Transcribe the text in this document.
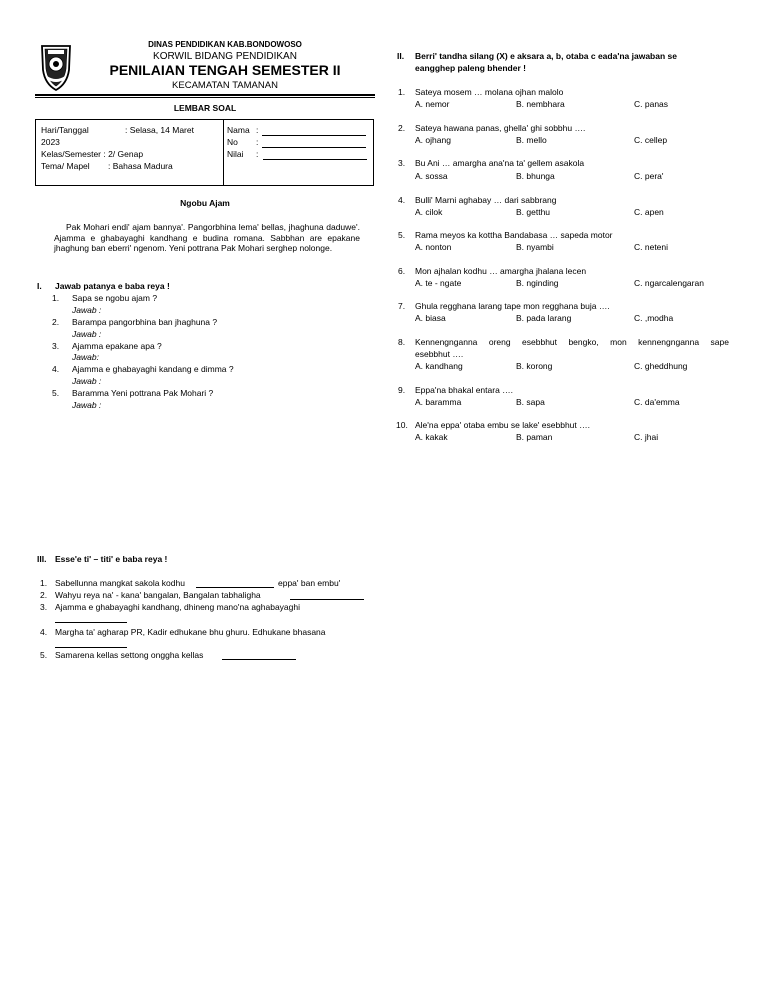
DINAS PENDIDIKAN KAB.BONDOWOSO
KORWIL BIDANG PENDIDIKAN
PENILAIAN TENGAH SEMESTER II
KECAMATAN TAMANAN
LEMBAR SOAL
Hari/Tanggal	: Selasa, 14 Maret
2023
Kelas/Semester : 2/ Genap
Tema/ Mapel : Bahasa Madura
Nama :
No :
Nilai :
Ngobu Ajam
Pak Mohari endi' ajam bannya'. Pangorbhina lema' bellas, jhaghuna daduwe'. Ajamma e ghabayaghi kandhang e budina romana. Sabbhan are epakane jhaghung ban eberri' ngenom. Yeni pottrana Pak Mohari serghep nolonge.
I. Jawab patanya e baba reya !
1. Sapa se ngobu ajam ?
Jawab :
2. Barampa pangorbhina ban jhaghuna ?
Jawab :
3. Ajamma epakane apa ?
Jawab:
4. Ajamma e ghabayaghi kandang e dimma ?
Jawab :
5. Baramma Yeni pottrana Pak Mohari ?
Jawab :
II. Berri' tandha silang (X) e aksara a, b, otaba c eada'na jawaban se
eangghep paleng bhender !
1. Sateya mosem … molana ojhan malolo
A. nemor	B. nembhara	C. panas
2. Sateya hawana panas, ghella' ghi sobbhu ….
A. ojhang	B. mello	C. cellep
3. Bu Ani … amargha ana'na ta' gellem asakola
A. sossa	B. bhunga	C. pera'
4. Bulli' Marni aghabay … dari sabbrang
A. cilok	B. getthu	C. apen
5. Rama meyos ka kottha Bandabasa … sapeda motor
A. nonton	B. nyambi	C. neteni
6. Mon ajhalan kodhu … amargha jhalana lecen
A. te - ngate	B. nginding	C. ngarcalengaran
7. Ghula regghana larang tape mon regghana buja ….
A. biasa	B. pada larang	C. ,modha
8. Kennengnganna oreng esebbhut bengko, mon kennengnganna sape
esebbhut ….
A. kandhang	B. korong	C. gheddhung
9. Eppa'na bhakal entara ….
A. baramma	B. sapa	C. da'emma
10. Ale'na eppa' otaba embu se lake' esebbhut ….
A. kakak	B. paman	C. jhai
III. Esse'e ti' – titi' e baba reya !
1. Sabellunna mangkat sakola kodhu	eppa' ban embu'
2. Wahyu reya na' - kana' bangalan, Bangalan tabhaligha
3. Ajamma e ghabayaghi kandhang, dhineng mano'na aghabayaghi
4. Margha ta' agharap PR, Kadir edhukane bhu ghuru. Edhukane bhasana
5. Samarena kellas settong onggha kellas
